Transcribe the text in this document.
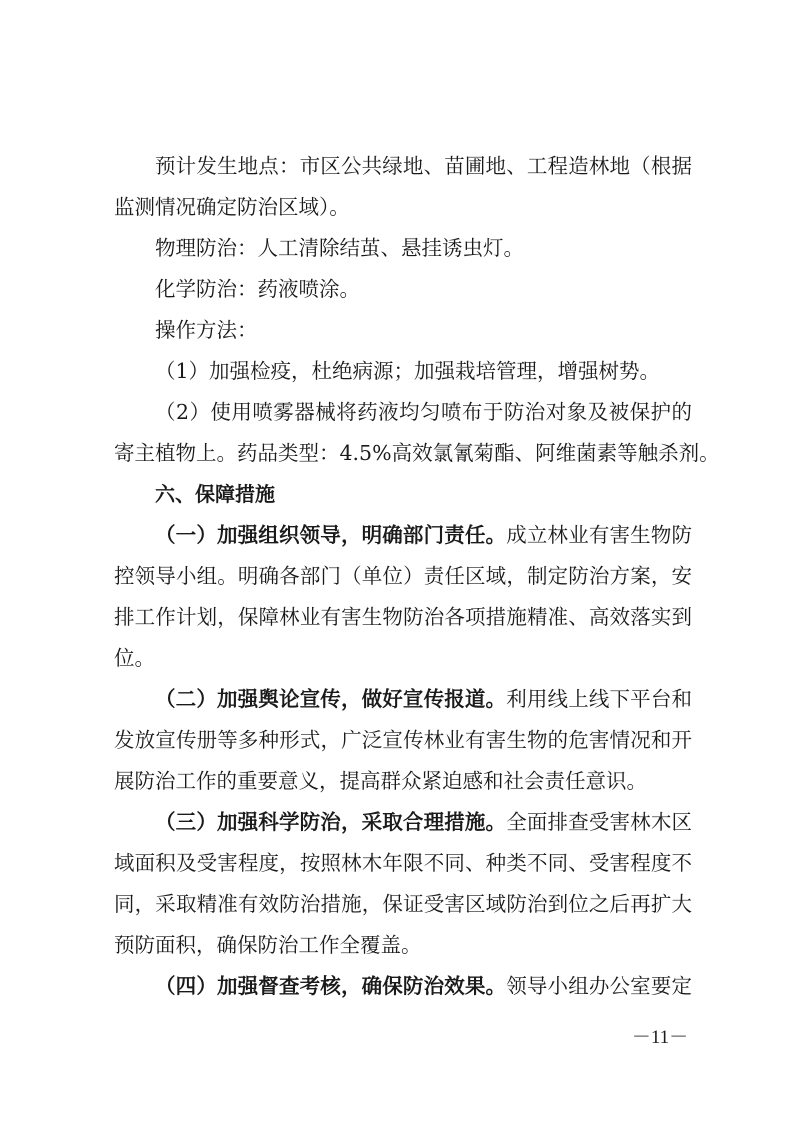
预计发生地点：市区公共绿地、苗圃地、工程造林地（根据
监测情况确定防治区域）。
物理防治：人工清除结茧、悬挂诱虫灯。
化学防治：药液喷涂。
操作方法：
（1）加强检疫，杜绝病源；加强栽培管理，增强树势。
（2）使用喷雾器械将药液均匀喷布于防治对象及被保护的
寄主植物上。药品类型：4.5%高效氯氰菊酯、阿维菌素等触杀剂。
六、保障措施
（一）加强组织领导，明确部门责任。成立林业有害生物防
控领导小组。明确各部门（单位）责任区域，制定防治方案，安
排工作计划，保障林业有害生物防治各项措施精准、高效落实到
位。
（二）加强舆论宣传，做好宣传报道。利用线上线下平台和
发放宣传册等多种形式，广泛宣传林业有害生物的危害情况和开
展防治工作的重要意义，提高群众紧迫感和社会责任意识。
（三）加强科学防治，采取合理措施。全面排查受害林木区
域面积及受害程度，按照林木年限不同、种类不同、受害程度不
同，采取精准有效防治措施，保证受害区域防治到位之后再扩大
预防面积，确保防治工作全覆盖。
（四）加强督查考核，确保防治效果。领导小组办公室要定
－11－
